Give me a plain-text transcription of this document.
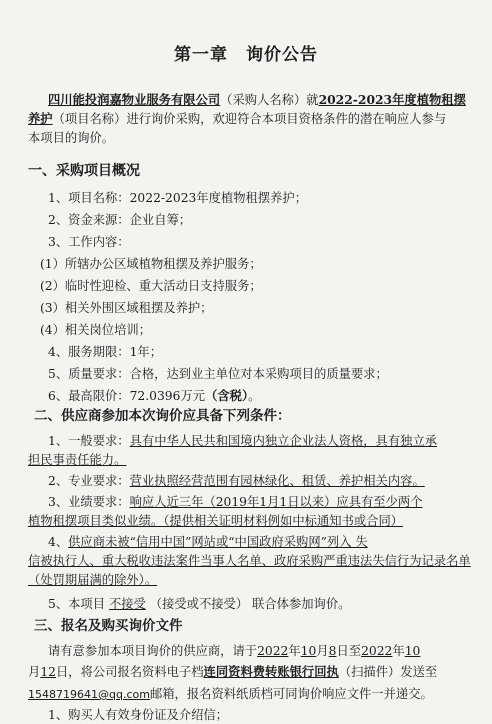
第一章　询价公告
四川能投润嘉物业服务有限公司（采购人名称）就2022-2023年度植物租摆
养护（项目名称）进行询价采购，欢迎符合本项目资格条件的潜在响应人参与
本项目的询价。
一、采购项目概况
1、项目名称：2022-2023年度植物租摆养护；
2、资金来源：企业自筹；
3、工作内容：
(1）所辖办公区域植物租摆及养护服务；
(2）临时性迎检、重大活动日支持服务；
(3）相关外围区域租摆及养护；
(4）相关岗位培训；
4、服务期限：1年；
5、质量要求：合格，达到业主单位对本采购项目的质量要求；
6、最高限价：72.0396万元（含税）。
二、供应商参加本次询价应具备下列条件：
1、一般要求：具有中华人民共和国境内独立企业法人资格，具有独立承
担民事责任能力。
2、专业要求：营业执照经营范围有园林绿化、租赁、养护相关内容。
3、业绩要求：响应人近三年（2019年1月1日以来）应具有至少两个
植物租摆项目类似业绩。（提供相关证明材料例如中标通知书或合同）
4、供应商未被“信用中国”网站或“中国政府采购网”列入 失
信被执行人、重大税收违法案件当事人名单、政府采购严重违法失信行为记录名单
（处罚期届满的除外）。
5、本项目 不接受 （接受或不接受） 联合体参加询价。
三、报名及购买询价文件
请有意参加本项目询价的供应商，请于2022年10月8日至2022年10
月12日，将公司报名资料电子档连同资料费转账银行回执（扫描件）发送至
1548719641@qq.com邮箱，报名资料纸质档可同询价响应文件一并递交。
1、购买人有效身份证及介绍信；
